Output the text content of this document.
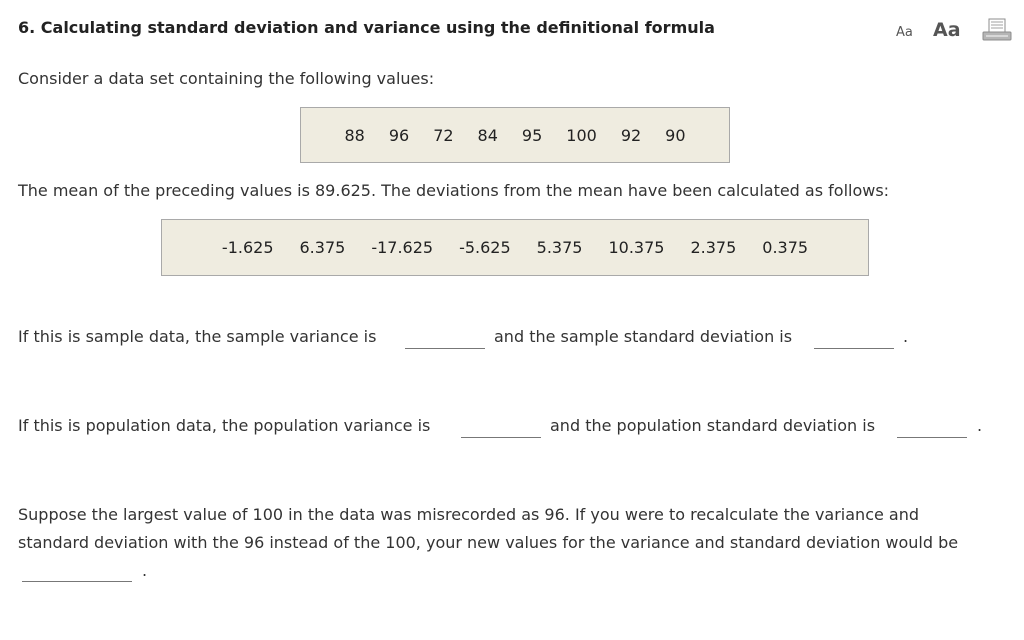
6. Calculating standard deviation and variance using the definitional formula	Aa Aa
Consider a data set containing the following values:
88 96 72 84 95 100 92 90
The mean of the preceding values is 89.625. The deviations from the mean have been calculated as follows:
-1.625 6.375 -17.625 -5.625 5.375 10.375 2.375 0.375
If this is sample data, the sample variance is	and the sample standard deviation is	.
If this is population data, the population variance is	and the population standard deviation is	.
Suppose the largest value of 100 in the data was misrecorded as 96. If you were to recalculate the variance and
standard deviation with the 96 instead of the 100, your new values for the variance and standard deviation would be
.
